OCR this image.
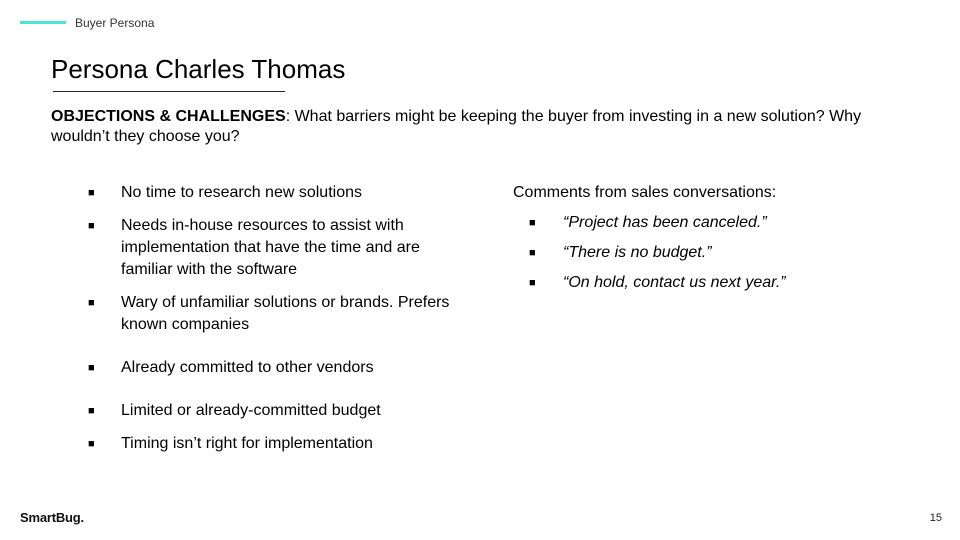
Buyer Persona
Persona Charles Thomas
OBJECTIONS & CHALLENGES: What barriers might be keeping the buyer from investing in a new solution? Why wouldn’t they choose you?
■	No time to research new solutions
■	Needs in-house resources to assist with implementation that have the time and are familiar with the software
■	Wary of unfamiliar solutions or brands. Prefers known companies
■	Already committed to other vendors
■	Limited or already-committed budget
■	Timing isn’t right for implementation

Comments from sales conversations:

■	“Project has been canceled.”
■	“There is no budget.”
■	“On hold, contact us next year.”
SmartBug.	15
